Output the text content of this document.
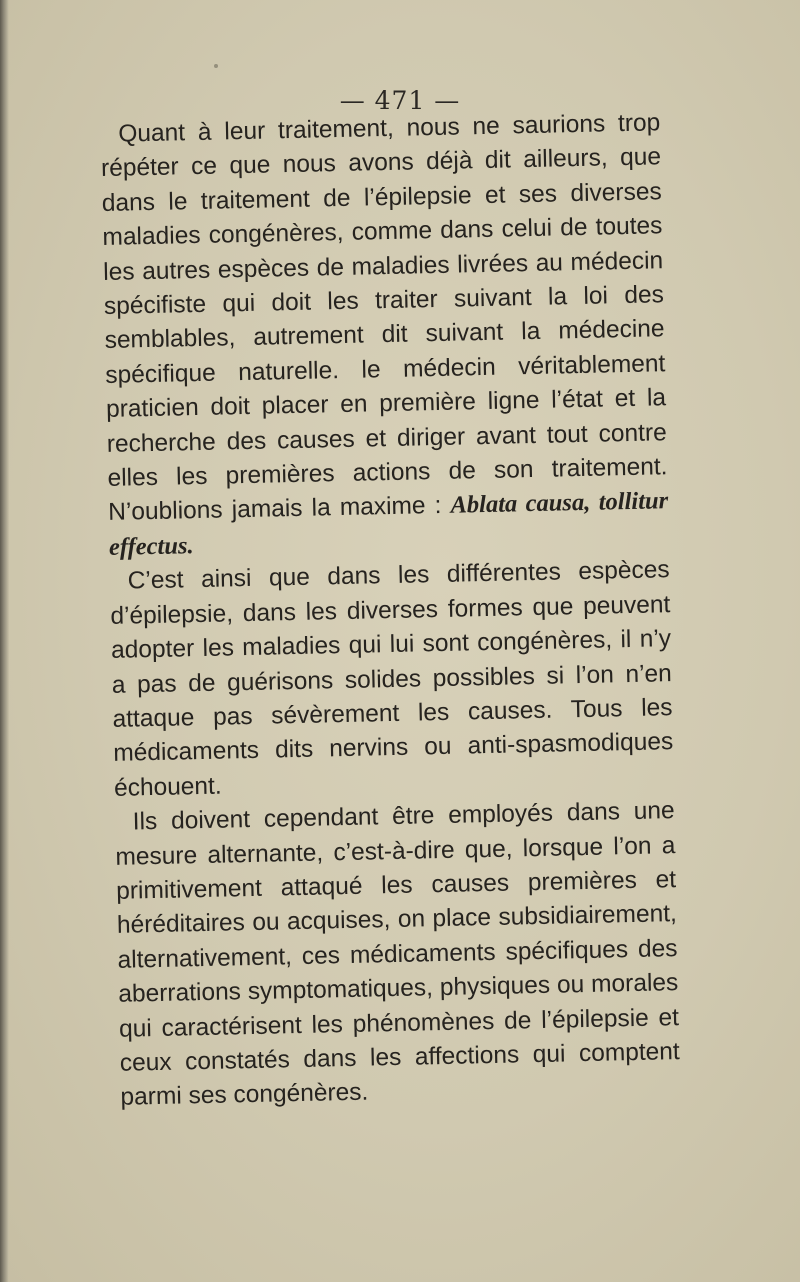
— 471 —

Quant à leur traitement, nous ne saurions trop répéter ce que nous avons déjà dit ailleurs, que dans le traitement de l’épilepsie et ses diverses maladies congénères, comme dans celui de toutes les autres espèces de maladies livrées au médecin spécifiste qui doit les traiter suivant la loi des semblables, autrement dit suivant la médecine spécifique naturelle. le médecin véritablement praticien doit placer en première ligne l’état et la recherche des causes et diriger avant tout contre elles les premières actions de son traitement. N’oublions jamais la maxime : Ablata causa, tollitur effectus.

C’est ainsi que dans les différentes espèces d’épilepsie, dans les diverses formes que peuvent adopter les maladies qui lui sont congénères, il n’y a pas de guérisons solides possibles si l’on n’en attaque pas sévèrement les causes. Tous les médicaments dits nervins ou anti-spasmodiques échouent.

Ils doivent cependant être employés dans une mesure alternante, c’est-à-dire que, lorsque l’on a primitivement attaqué les causes premières et héréditaires ou acquises, on place subsidiairement, alternativement, ces médicaments spécifiques des aberrations symptomatiques, physiques ou morales qui caractérisent les phénomènes de l’épilepsie et ceux constatés dans les affections qui comptent parmi ses congénères.
